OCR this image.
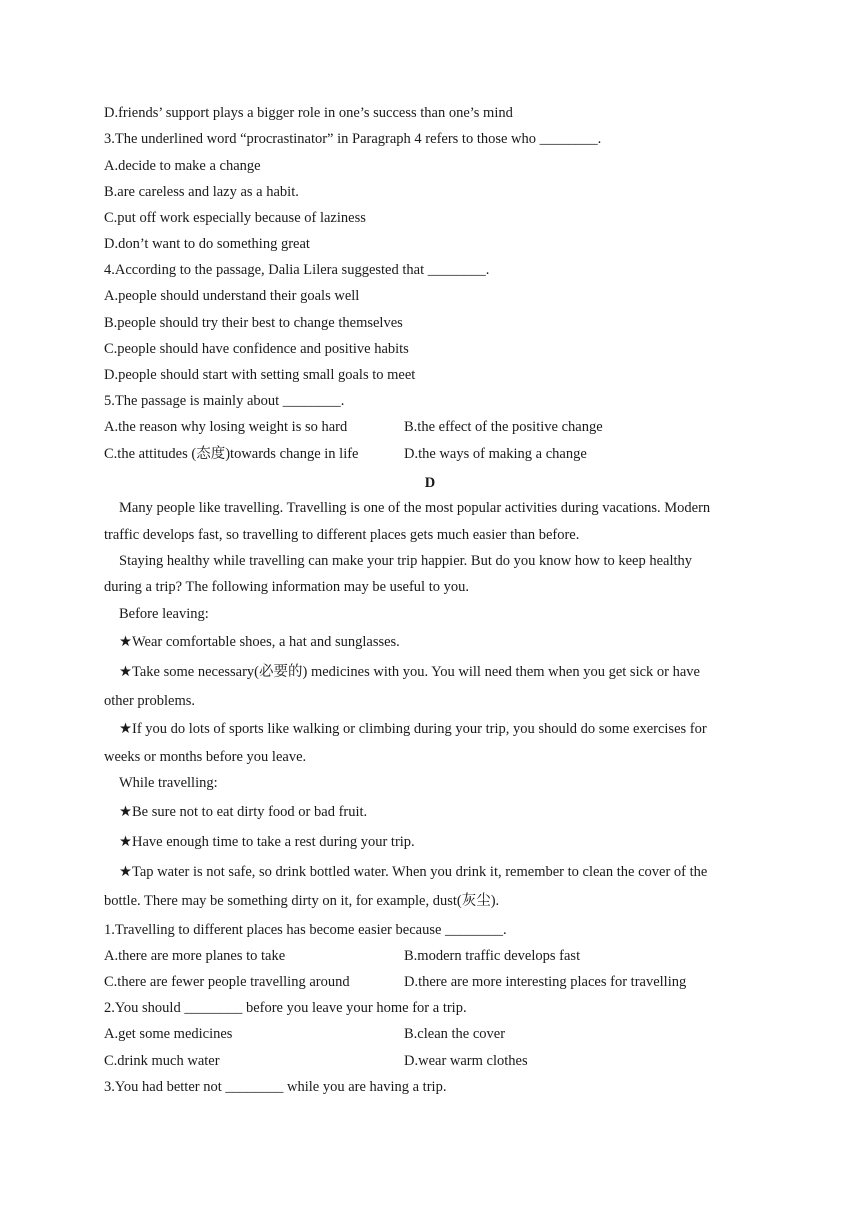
D.friends’ support plays a bigger role in one’s success than one’s mind
3.The underlined word “procrastinator” in Paragraph 4 refers to those who ________.
A.decide to make a change
B.are careless and lazy as a habit.
C.put off work especially because of laziness
D.don’t want to do something great
4.According to the passage, Dalia Lilera suggested that ________.
A.people should understand their goals well
B.people should try their best to change themselves
C.people should have confidence and positive habits
D.people should start with setting small goals to meet
5.The passage is mainly about ________.
A.the reason why losing weight is so hard	B.the effect of the positive change
C.the attitudes (态度)towards change in life	D.the ways of making a change
D
Many people like travelling. Travelling is one of the most popular activities during vacations. Modern
traffic develops fast, so travelling to different places gets much easier than before.
Staying healthy while travelling can make your trip happier. But do you know how to keep healthy
during a trip? The following information may be useful to you.
Before leaving:
★Wear comfortable shoes, a hat and sunglasses.
★Take some necessary(必要的) medicines with you. You will need them when you get sick or have
other problems.
★If you do lots of sports like walking or climbing during your trip, you should do some exercises for
weeks or months before you leave.
While travelling:
★Be sure not to eat dirty food or bad fruit.
★Have enough time to take a rest during your trip.
★Tap water is not safe, so drink bottled water. When you drink it, remember to clean the cover of the
bottle. There may be something dirty on it, for example, dust(灰尘).
1.Travelling to different places has become easier because ________.
A.there are more planes to take	B.modern traffic develops fast
C.there are fewer people travelling around	D.there are more interesting places for travelling
2.You should ________ before you leave your home for a trip.
A.get some medicines	B.clean the cover
C.drink much water	D.wear warm clothes
3.You had better not ________ while you are having a trip.
